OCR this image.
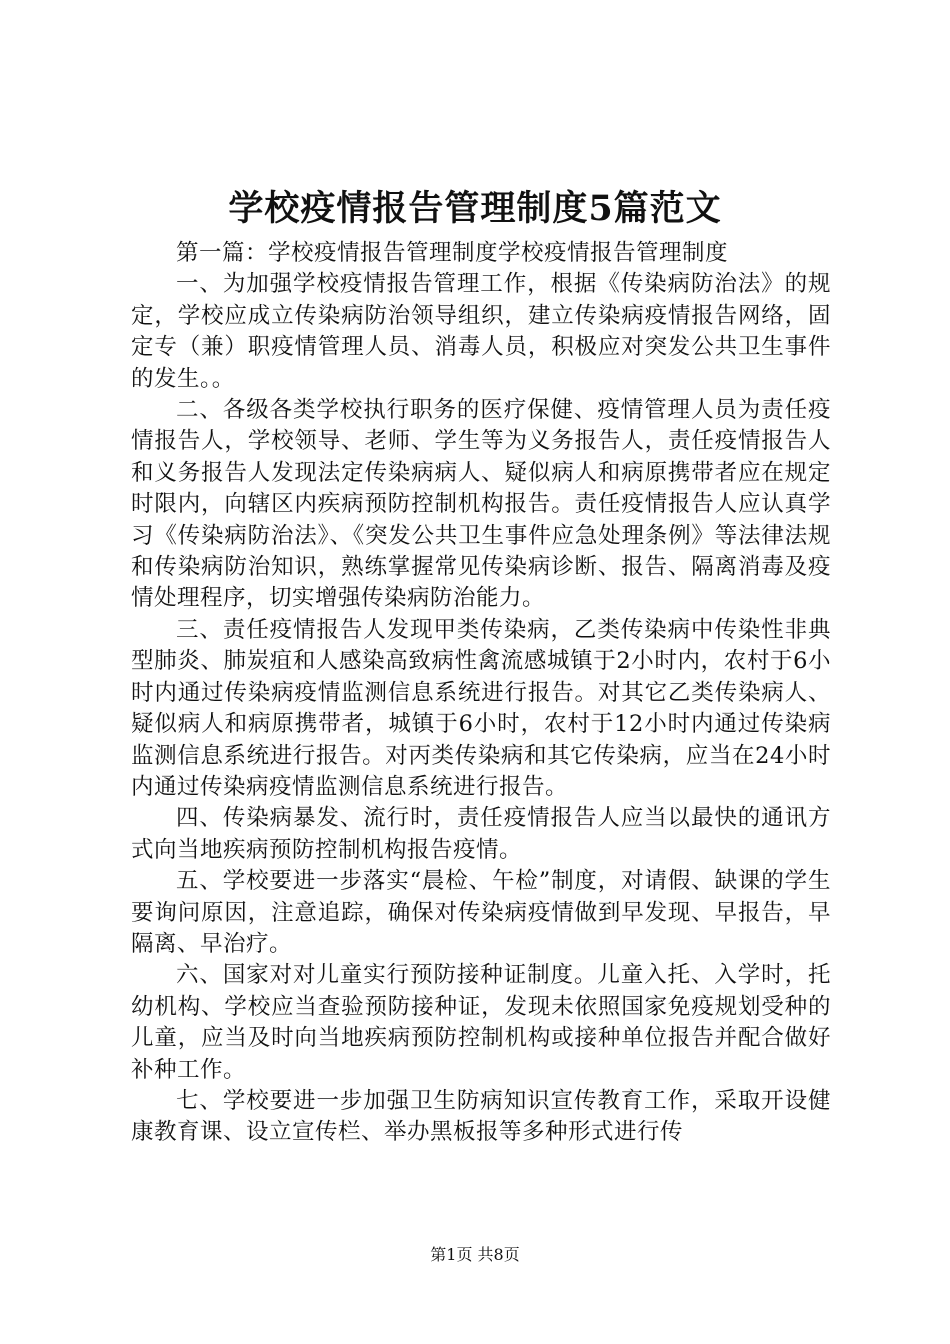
学校疫情报告管理制度5篇范文

第一篇：学校疫情报告管理制度学校疫情报告管理制度

一、为加强学校疫情报告管理工作，根据《传染病防治法》的规定，学校应成立传染病防治领导组织，建立传染病疫情报告网络，固定专（兼）职疫情管理人员、消毒人员，积极应对突发公共卫生事件的发生。。

二、各级各类学校执行职务的医疗保健、疫情管理人员为责任疫情报告人，学校领导、老师、学生等为义务报告人，责任疫情报告人和义务报告人发现法定传染病病人、疑似病人和病原携带者应在规定时限内，向辖区内疾病预防控制机构报告。责任疫情报告人应认真学习《传染病防治法》、《突发公共卫生事件应急处理条例》等法律法规和传染病防治知识，熟练掌握常见传染病诊断、报告、隔离消毒及疫情处理程序，切实增强传染病防治能力。

三、责任疫情报告人发现甲类传染病，乙类传染病中传染性非典型肺炎、肺炭疽和人感染高致病性禽流感城镇于2小时内，农村于6小时内通过传染病疫情监测信息系统进行报告。对其它乙类传染病人、疑似病人和病原携带者，城镇于6小时，农村于12小时内通过传染病监测信息系统进行报告。对丙类传染病和其它传染病，应当在24小时内通过传染病疫情监测信息系统进行报告。

四、传染病暴发、流行时，责任疫情报告人应当以最快的通讯方式向当地疾病预防控制机构报告疫情。

五、学校要进一步落实“晨检、午检”制度，对请假、缺课的学生要询问原因，注意追踪，确保对传染病疫情做到早发现、早报告，早隔离、早治疗。

六、国家对对儿童实行预防接种证制度。儿童入托、入学时，托幼机构、学校应当查验预防接种证，发现未依照国家免疫规划受种的儿童，应当及时向当地疾病预防控制机构或接种单位报告并配合做好补种工作。

七、学校要进一步加强卫生防病知识宣传教育工作，采取开设健康教育课、设立宣传栏、举办黑板报等多种形式进行传

第1页 共8页
